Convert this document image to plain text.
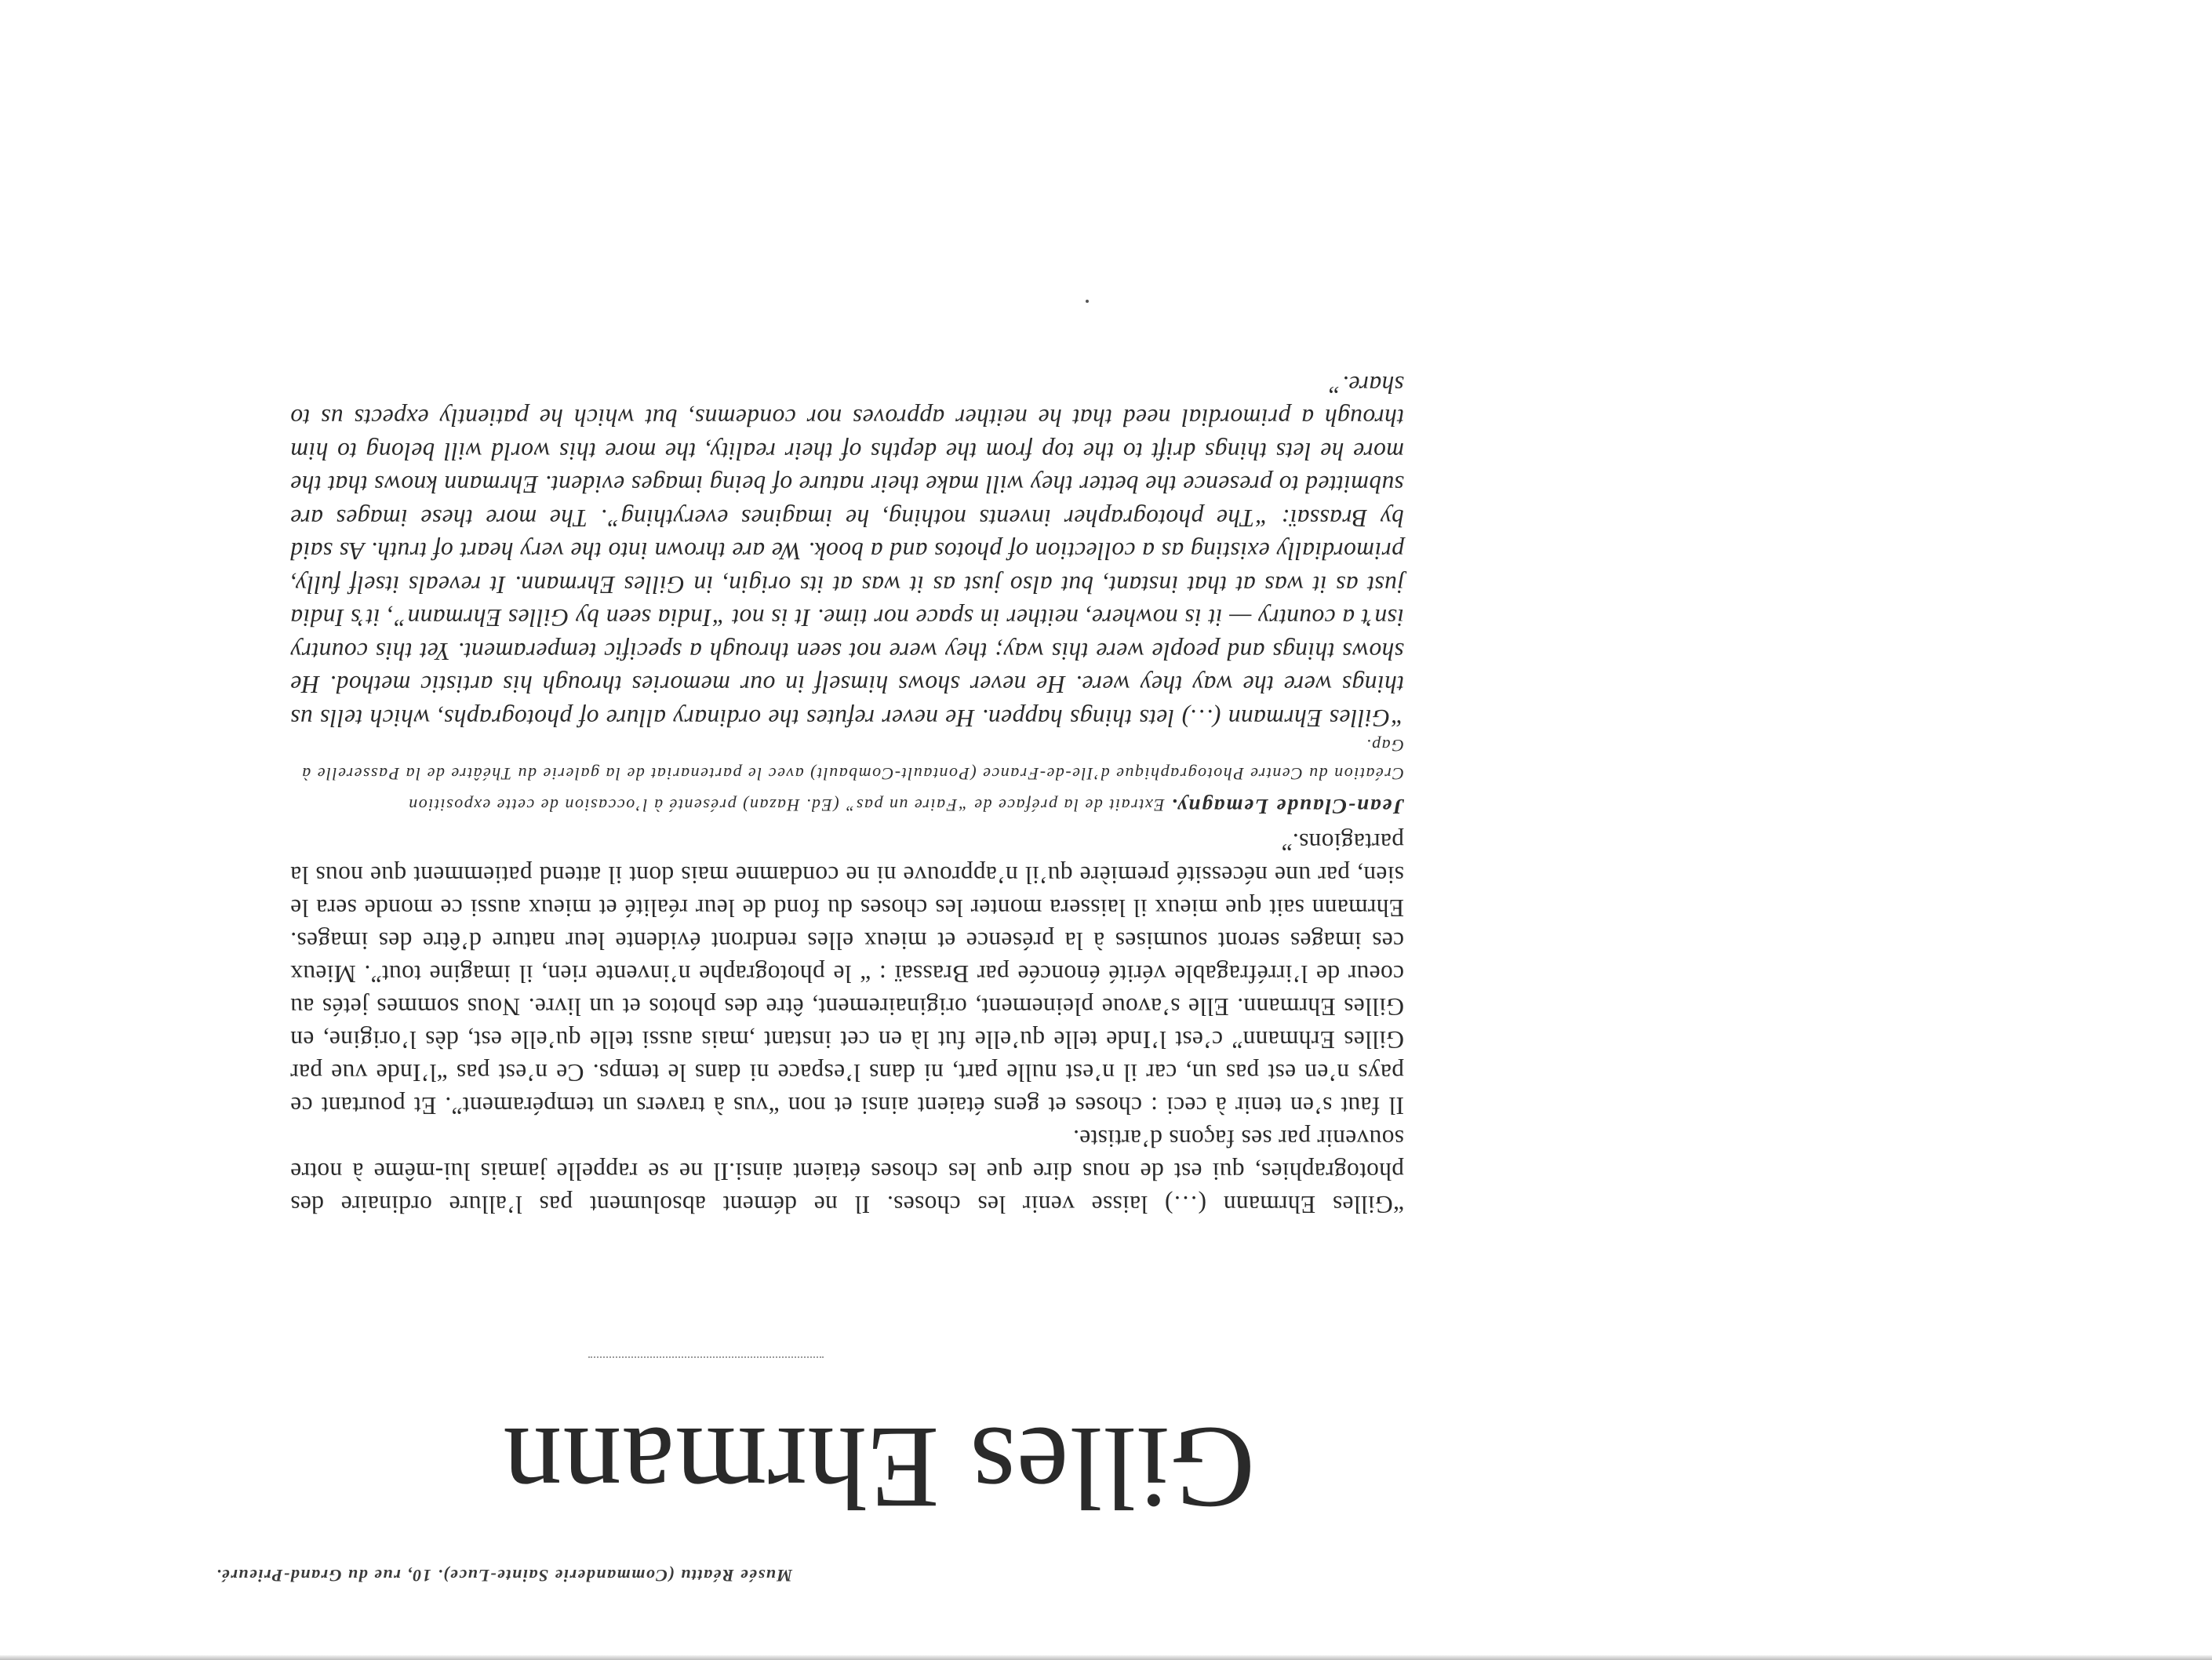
Musée Réattu (Commanderie Sainte-Luce). 10, rue du Grand-Prieuré.
Gilles Ehrmann

“Gilles Ehrmann (…) laisse venir les choses. Il ne dément absolument pas l’allure ordinaire des photographies, qui est de nous dire que les choses étaient ainsi.Il ne se rappelle jamais lui-même à notre souvenir par ses façons d’artiste.

Il faut s’en tenir à ceci : choses et gens étaient ainsi et non “vus à travers un tempérament”. Et pourtant ce pays n’en est pas un, car il n’est nulle part, ni dans l’espace ni dans le temps. Ce n’est pas “l’Inde vue par Gilles Erhmann” c’est l’Inde telle qu’elle fut là en cet instant ,mais aussi telle qu’elle est, dès l’origine, en Gilles Ehrmann. Elle s’avoue pleinement, originairement, être des photos et un livre. Nous sommes jetés au coeur de l’irréfragable vérité énoncée par Brassaï : “ le photographe n’invente rien, il imagine tout”. Mieux ces images seront soumises à la présence et mieux elles rendront évidente leur nature d’être des images. Ehrmann sait que mieux il laissera monter les choses du fond de leur réalité et mieux aussi ce monde sera le sien, par une nécessité première qu’il n’approuve ni ne condamne mais dont il attend patiemment que nous la partagions.”

Jean-Claude Lemagny. Extrait de la préface de “Faire un pas” (Ed. Hazan) présenté à l’occasion de cette exposition
Création du Centre Photographique d’Ile-de-France (Pontault-Combault) avec le partenariat de la galerie du Théâtre de la Passerelle à Gap.
“Gilles Ehrmann (…) lets things happen. He never refutes the ordinary allure of photographs, which tells us things were the way they were. He never shows himself in our memories through his artistic method. He shows things and people were this way; they were not seen through a specific temperament. Yet this country isn’t a country — it is nowhere, neither in space nor time. It is not “India seen by Gilles Ehrmann”, it’s India just as it was at that instant, but also just as it was at its origin, in Gilles Ehrmann. It reveals itself fully, primordially existing as a collection of photos and a book. We are thrown into the very heart of truth. As said by Brassaï: “The photographer invents nothing, he imagines everything”. The more these images are submitted to presence the better they will make their nature of being images evident. Ehrmann knows that the more he lets things drift to the top from the depths of their reality, the more this world will belong to him through a primordial need that he neither approves nor condemns, but which he patiently expects us to share.”
